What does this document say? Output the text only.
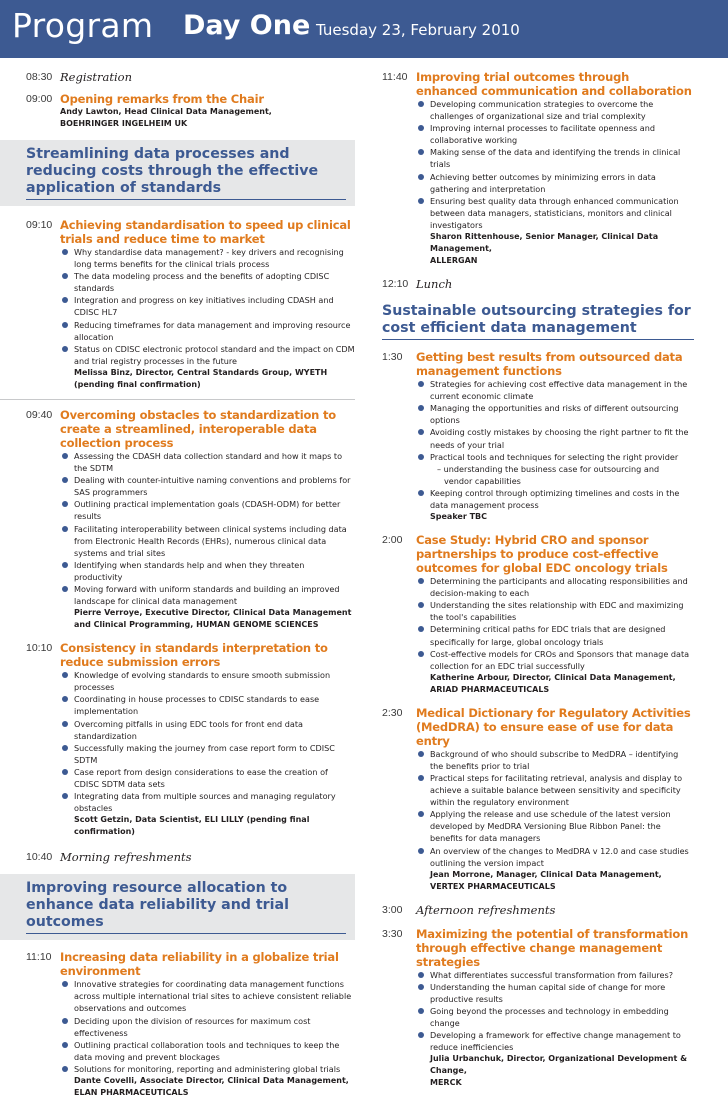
Program Day One Tuesday 23, February 2010
08:30 Registration
09:00 Opening remarks from the Chair
Andy Lawton, Head Clinical Data Management,
BOEHRINGER INGELHEIM UK
Streamlining data processes and reducing costs through the effective application of standards
09:10 Achieving standardisation to speed up clinical trials and reduce time to market
Why standardise data management? - key drivers and recognising long terms benefits for the clinical trials process
The data modeling process and the benefits of adopting CDISC standards
Integration and progress on key initiatives including CDASH and CDISC HL7
Reducing timeframes for data management and improving resource allocation
Status on CDISC electronic protocol standard and the impact on CDM and trial registry processes in the future
Melissa Binz, Director, Central Standards Group, WYETH
(pending final confirmation)
09:40 Overcoming obstacles to standardization to create a streamlined, interoperable data collection process
Assessing the CDASH data collection standard and how it maps to the SDTM
Dealing with counter-intuitive naming conventions and problems for SAS programmers
Outlining practical implementation goals (CDASH-ODM) for better results
Facilitating interoperability between clinical systems including data from Electronic Health Records (EHRs), numerous clinical data systems and trial sites
Identifying when standards help and when they threaten productivity
Moving forward with uniform standards and building an improved landscape for clinical data management
Pierre Verroye, Executive Director, Clinical Data Management and Clinical Programming, HUMAN GENOME SCIENCES
10:10 Consistency in standards interpretation to reduce submission errors
Knowledge of evolving standards to ensure smooth submission processes
Coordinating in house processes to CDISC standards to ease implementation
Overcoming pitfalls in using EDC tools for front end data standardization
Successfully making the journey from case report form to CDISC SDTM
Case report from design considerations to ease the creation of CDISC SDTM data sets
Integrating data from multiple sources and managing regulatory obstacles
Scott Getzin, Data Scientist, ELI LILLY (pending final confirmation)
10:40 Morning refreshments
Improving resource allocation to enhance data reliability and trial outcomes
11:10 Increasing data reliability in a globalize trial environment
Innovative strategies for coordinating data management functions across multiple international trial sites to achieve consistent reliable observations and outcomes
Deciding upon the division of resources for maximum cost effectiveness
Outlining practical collaboration tools and techniques to keep the data moving and prevent blockages
Solutions for monitoring, reporting and administering global trials
Dante Covelli, Associate Director, Clinical Data Management,
ELAN PHARMACEUTICALS
11:40 Improving trial outcomes through enhanced communication and collaboration
Developing communication strategies to overcome the challenges of organizational size and trial complexity
Improving internal processes to facilitate openness and collaborative working
Making sense of the data and identifying the trends in clinical trials
Achieving better outcomes by minimizing errors in data gathering and interpretation
Ensuring best quality data through enhanced communication between data managers, statisticians, monitors and clinical investigators
Sharon Rittenhouse, Senior Manager, Clinical Data Management,
ALLERGAN
12:10 Lunch
Sustainable outsourcing strategies for cost efficient data management
1:30	Getting best results from outsourced data management functions
Strategies for achieving cost effective data management in the current economic climate
Managing the opportunities and risks of different outsourcing options
Avoiding costly mistakes by choosing the right partner to fit the needs of your trial
Practical tools and techniques for selecting the right provider
– understanding the business case for outsourcing and
vendor capabilities
Keeping control through optimizing timelines and costs in the data management process
Speaker TBC
2:00	Case Study: Hybrid CRO and sponsor partnerships to produce cost-effective outcomes for global EDC oncology trials
Determining the participants and allocating responsibilities and decision-making to each
Understanding the sites relationship with EDC and maximizing the tool's capabilities
Determining critical paths for EDC trials that are designed specifically for large, global oncology trials
Cost-effective models for CROs and Sponsors that manage data collection for an EDC trial successfully
Katherine Arbour, Director, Clinical Data Management,
ARIAD PHARMACEUTICALS
2:30	Medical Dictionary for Regulatory Activities (MedDRA) to ensure ease of use for data entry
Background of who should subscribe to MedDRA – identifying the benefits prior to trial
Practical steps for facilitating retrieval, analysis and display to achieve a suitable balance between sensitivity and specificity within the regulatory environment
Applying the release and use schedule of the latest version developed by MedDRA Versioning Blue Ribbon Panel: the benefits for data managers
An overview of the changes to MedDRA v 12.0 and case studies outlining the version impact
Jean Morrone, Manager, Clinical Data Management,
VERTEX PHARMACEUTICALS
3:00	Afternoon refreshments
3:30	Maximizing the potential of transformation through effective change management strategies
What differentiates successful transformation from failures?
Understanding the human capital side of change for more productive results
Going beyond the processes and technology in embedding change
Developing a framework for effective change management to reduce inefficiencies
Julia Urbanchuk, Director, Organizational Development & Change,
MERCK
